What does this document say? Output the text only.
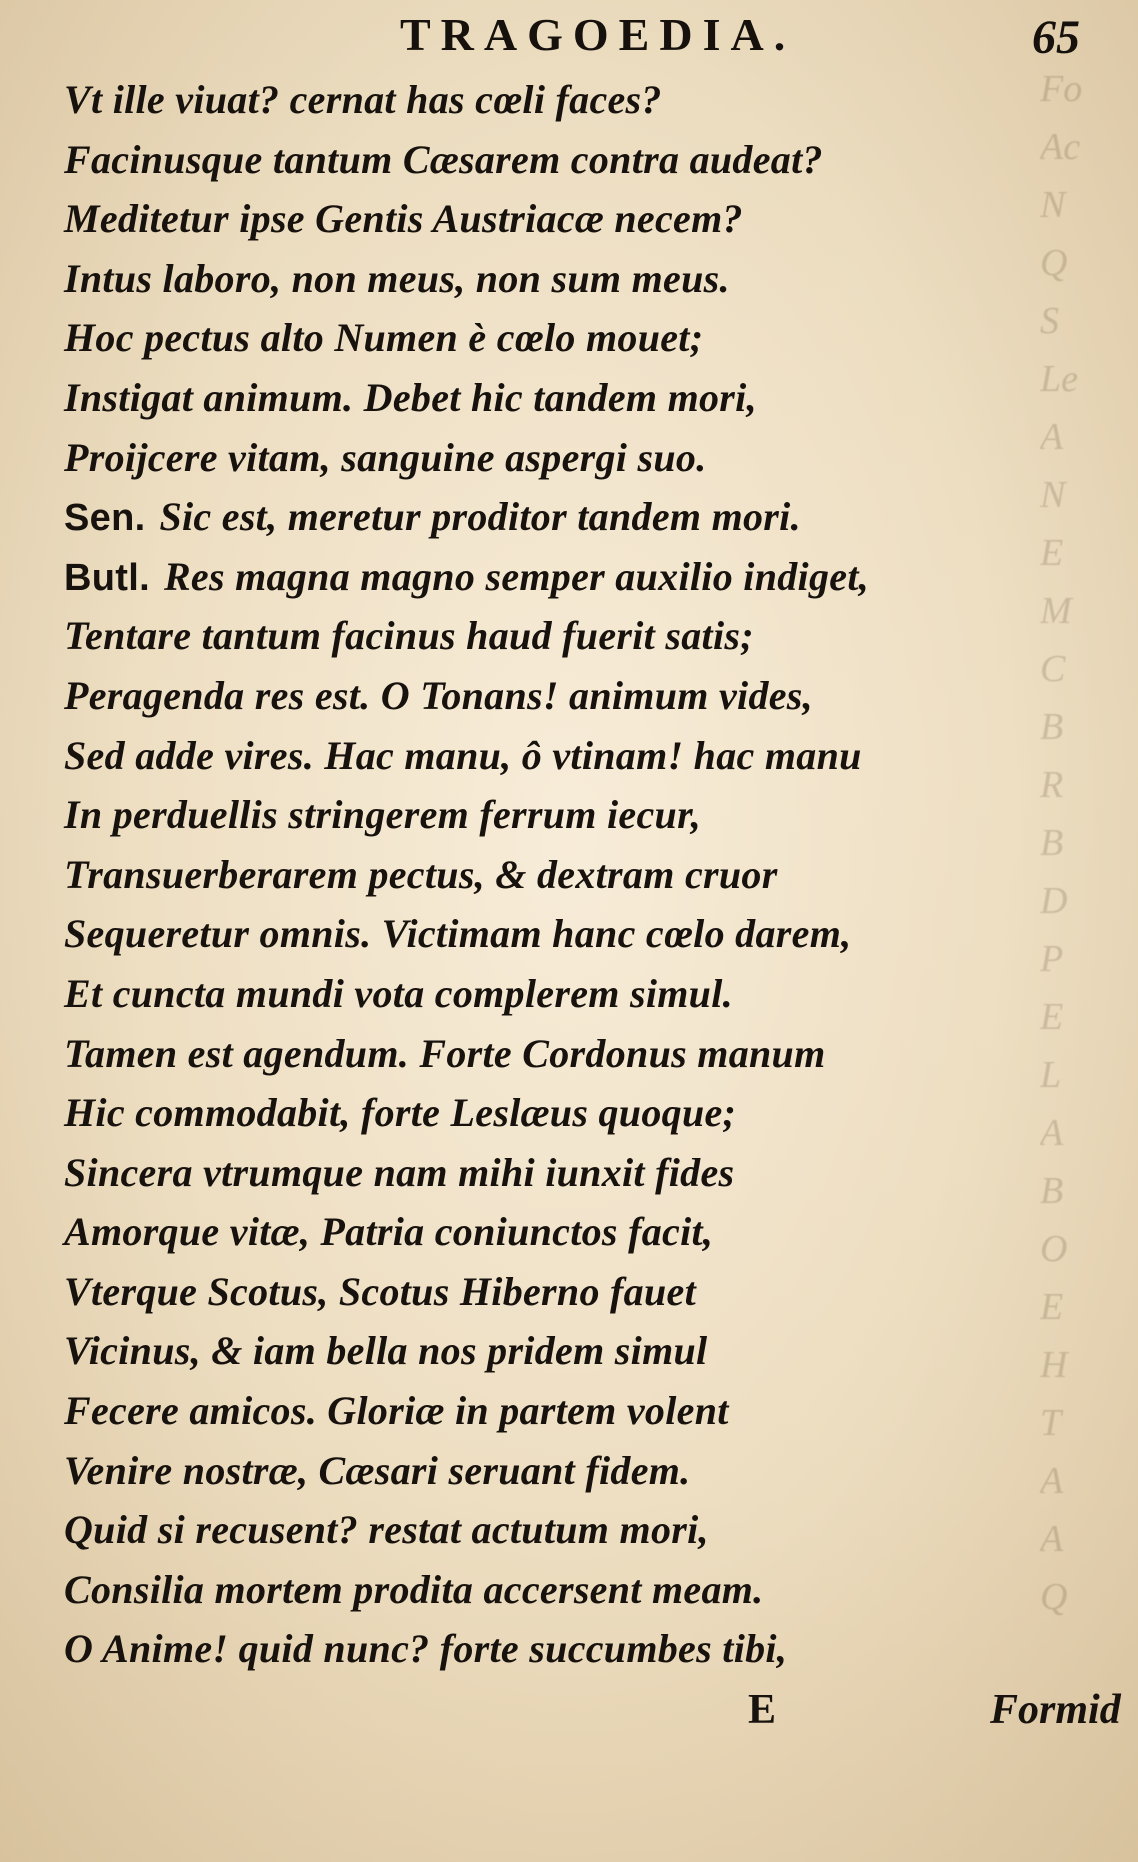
Fo
Ac
N
Q
S
Le
A
N
E
M
C
B
R
B
D
P
E
L
A
B
O
E
H
T
A
A
Q
TRAGOEDIA.	65
Vt ille viuat? cernat has cœli faces?
Facinusque tantum Cæsarem contra audeat?
Meditetur ipse Gentis Austriacæ necem?
Intus laboro, non meus, non sum meus.
Hoc pectus alto Numen è cœlo mouet;
Instigat animum. Debet hic tandem mori,
Proijcere vitam, sanguine aspergi suo.
Sen. Sic est, meretur proditor tandem mori.
Butl. Res magna magno semper auxilio indiget,
Tentare tantum facinus haud fuerit satis;
Peragenda res est. O Tonans! animum vides,
Sed adde vires. Hac manu, ô vtinam! hac manu
In perduellis stringerem ferrum iecur,
Transuerberarem pectus, & dextram cruor
Sequeretur omnis. Victimam hanc cœlo darem,
Et cuncta mundi vota complerem simul.
Tamen est agendum. Forte Cordonus manum
Hic commodabit, forte Leslæus quoque;
Sincera vtrumque nam mihi iunxit fides
Amorque vitæ, Patria coniunctos facit,
Vterque Scotus, Scotus Hiberno fauet
Vicinus, & iam bella nos pridem simul
Fecere amicos. Gloriæ in partem volent
Venire nostræ, Cæsari seruant fidem.
Quid si recusent? restat actutum mori,
Consilia mortem prodita accersent meam.
O Anime! quid nunc? forte succumbes tibi,
E	Formid
